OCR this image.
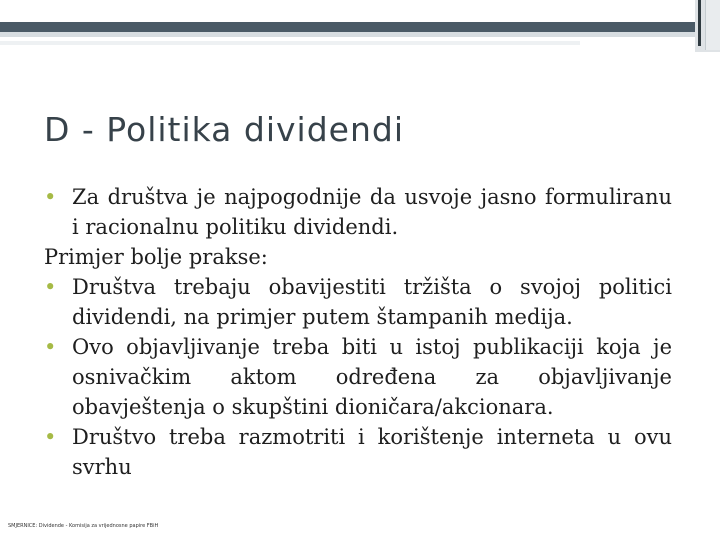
D - Politika dividendi
• Za društva je najpogodnije da usvoje jasno formuliranu i racionalnu politiku dividendi.
Primjer bolje prakse:
• Društva trebaju obavijestiti tržišta o svojoj politici dividendi, na primjer putem štampanih medija.
• Ovo objavljivanje treba biti u istoj publikaciji koja je osnivačkim aktom određena za objavljivanje obavještenja o skupštini dioničara/akcionara.
• Društvo treba razmotriti i korištenje interneta u ovu svrhu
SMJERNICE: Dividende - Komisija za vrijednosne papire FBiH
